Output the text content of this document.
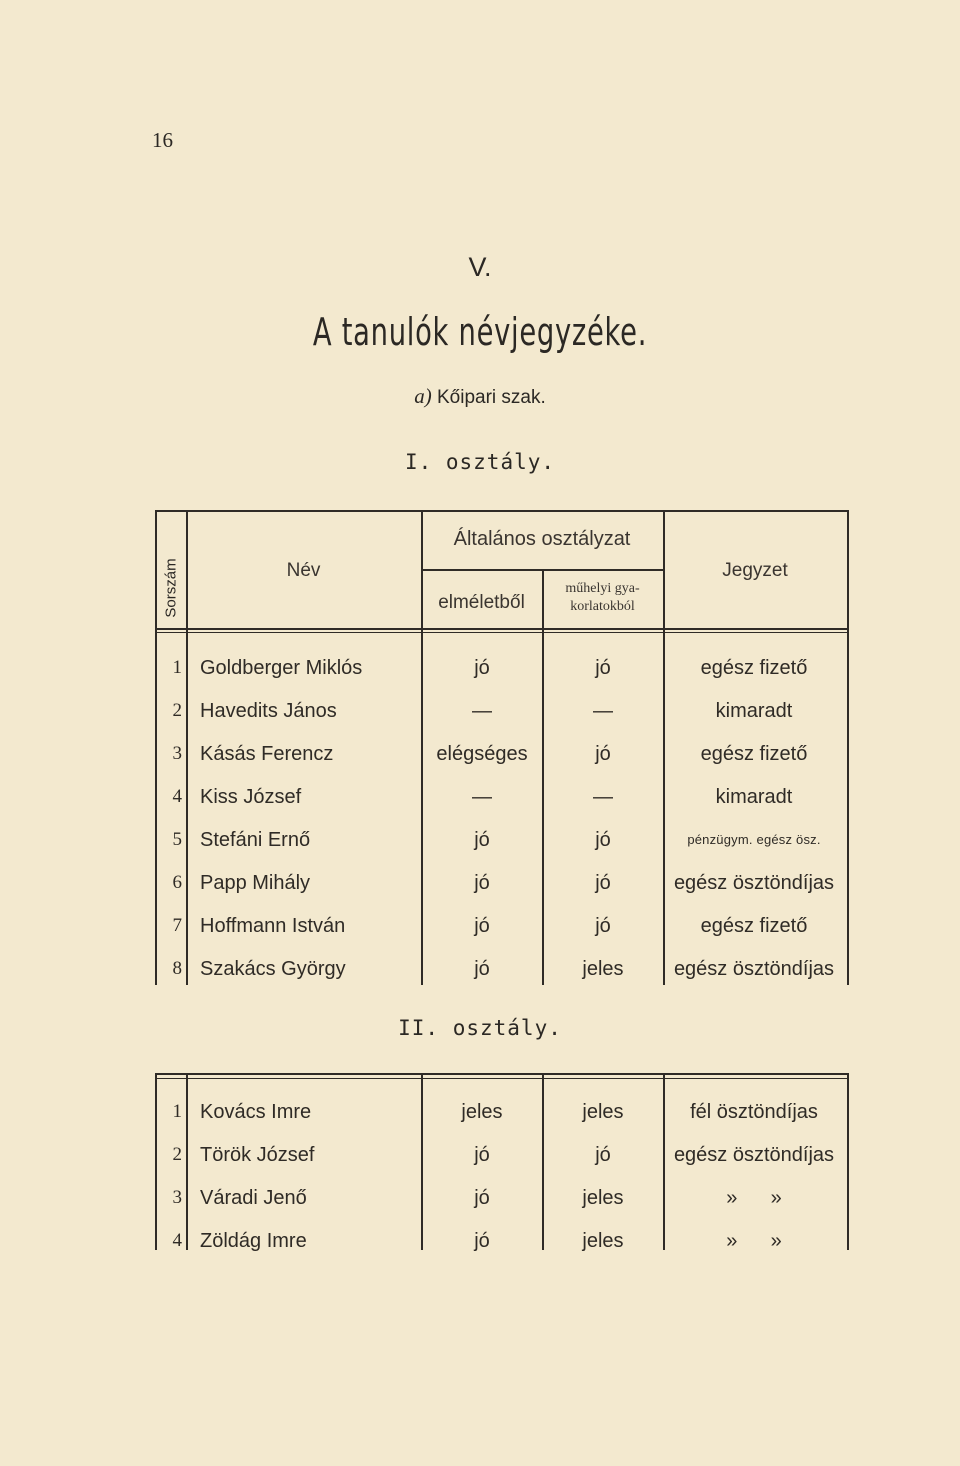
16
V.
A tanulók névjegyzéke.
a) Kőipari szak.
I. osztály.
Sorszám	Név
Általános osztályzat
elméletből
műhelyi gya-
korlatokból
Jegyzet
1 Goldberger Miklós	jó	jó	egész fizető
2 Havedits János	—	—	kimaradt
3 Kásás Ferencz	elégséges	jó	egész fizető
4 Kiss József	—	—	kimaradt
5 Stefáni Ernő	jó	jó	pénzügym. egész ösz.
6 Papp Mihály	jó	jó	egész ösztöndíjas
7 Hoffmann István	jó	jó	egész fizető
8 Szakács György	jó	jeles	egész ösztöndíjas
II. osztály.
1 Kovács Imre	jeles	jeles	fél ösztöndíjas
2 Török József	jó	jó	egész ösztöndíjas
3 Váradi Jenő	jó	jeles	»      »
4 Zöldág Imre	jó	jeles	»      »
